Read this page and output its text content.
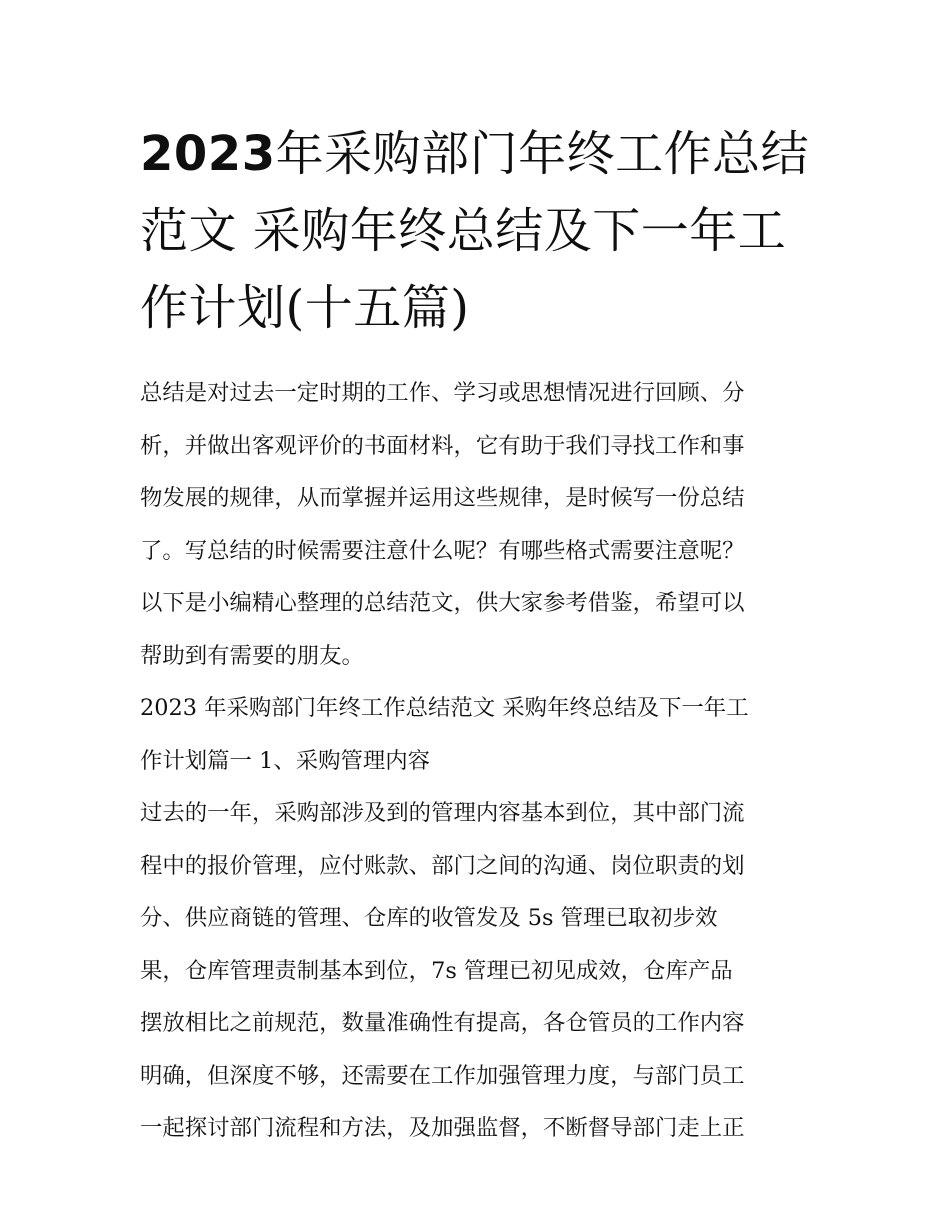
2023年采购部门年终工作总结
范文 采购年终总结及下一年工
作计划(十五篇)

总结是对过去一定时期的工作、学习或思想情况进行回顾、分
析，并做出客观评价的书面材料，它有助于我们寻找工作和事
物发展的规律，从而掌握并运用这些规律，是时候写一份总结
了。写总结的时候需要注意什么呢？有哪些格式需要注意呢？
以下是小编精心整理的总结范文，供大家参考借鉴，希望可以
帮助到有需要的朋友。

2023 年采购部门年终工作总结范文 采购年终总结及下一年工
作计划篇一 1、采购管理内容

过去的一年，采购部涉及到的管理内容基本到位，其中部门流
程中的报价管理，应付账款、部门之间的沟通、岗位职责的划
分、供应商链的管理、仓库的收管发及 5s 管理已取初步效
果，仓库管理责制基本到位，7s 管理已初见成效，仓库产品
摆放相比之前规范，数量准确性有提高，各仓管员的工作内容
明确，但深度不够，还需要在工作加强管理力度，与部门员工
一起探讨部门流程和方法，及加强监督，不断督导部门走上正
